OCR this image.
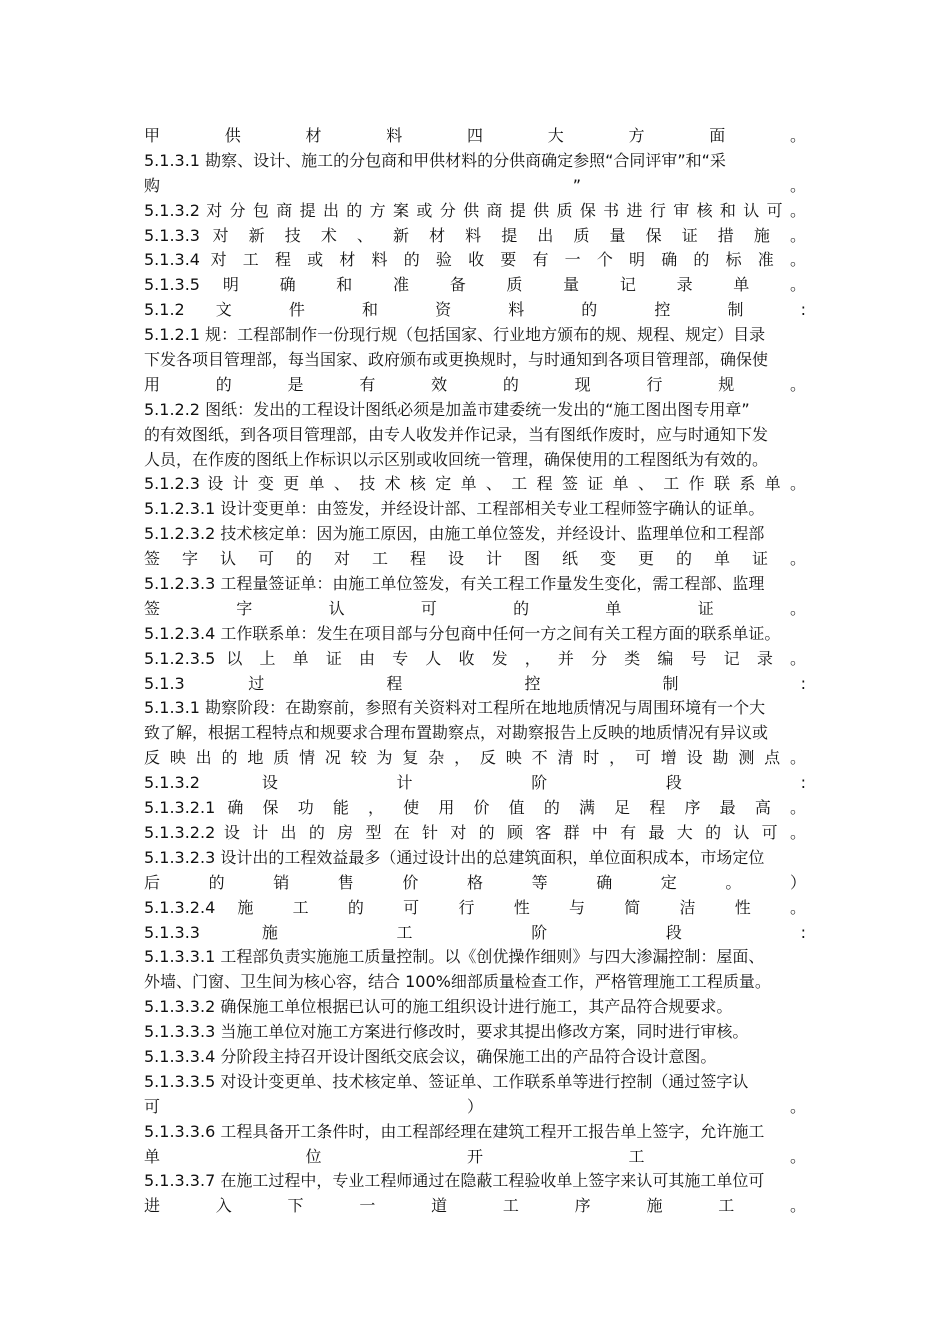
甲 供 材 料 四 大 方 面 。
5.1.3.1 勘察、设计、施工的分包商和甲供材料的分供商确定参照“合同评审”和“采
购 ” 。
5.1.3.2 对 分 包 商 提 出 的 方 案 或 分 供 商 提 供 质 保 书 进 行 审 核 和 认 可 。
5.1.3.3 对 新 技 术 、 新 材 料 提 出 质 量 保 证 措 施 。
5.1.3.4 对 工 程 或 材 料 的 验 收 要 有 一 个 明 确 的 标 准 。
5.1.3.5 明 确 和 准 备 质 量 记 录 单 。
5.1.2 文 件 和 资 料 的 控 制 :
5.1.2.1 规：工程部制作一份现行规（包括国家、行业地方颁布的规、规程、规定）目录
下发各项目管理部，每当国家、政府颁布或更换规时，与时通知到各项目管理部，确保使
用 的 是 有 效 的 现 行 规 。
5.1.2.2 图纸：发出的工程设计图纸必须是加盖市建委统一发出的“施工图出图专用章”
的有效图纸，到各项目管理部，由专人收发并作记录，当有图纸作废时，应与时通知下发
人员，在作废的图纸上作标识以示区别或收回统一管理，确保使用的工程图纸为有效的。
5.1.2.3 设 计 变 更 单 、 技 术 核 定 单 、 工 程 签 证 单 、 工 作 联 系 单 。
5.1.2.3.1 设计变更单：由签发，并经设计部、工程部相关专业工程师签字确认的证单。
5.1.2.3.2 技术核定单：因为施工原因，由施工单位签发，并经设计、监理单位和工程部
签 字 认 可 的 对 工 程 设 计 图 纸 变 更 的 单 证 。
5.1.2.3.3 工程量签证单：由施工单位签发，有关工程工作量发生变化，需工程部、监理
签 字 认 可 的 单 证 。
5.1.2.3.4 工作联系单：发生在项目部与分包商中任何一方之间有关工程方面的联系单证。
5.1.2.3.5 以 上 单 证 由 专 人 收 发 ， 并 分 类 编 号 记 录 。
5.1.3 过 程 控 制 :
5.1.3.1 勘察阶段：在勘察前，参照有关资料对工程所在地地质情况与周围环境有一个大
致了解，根据工程特点和规要求合理布置勘察点，对勘察报告上反映的地质情况有异议或
反 映 出 的 地 质 情 况 较 为 复 杂 ， 反 映 不 清 时 ， 可 增 设 勘 测 点 。
5.1.3.2 设 计 阶 段 :
5.1.3.2.1 确 保 功 能 ， 使 用 价 值 的 满 足 程 序 最 高 。
5.1.3.2.2 设 计 出 的 房 型 在 针 对 的 顾 客 群 中 有 最 大 的 认 可 。
5.1.3.2.3 设计出的工程效益最多（通过设计出的总建筑面积，单位面积成本，市场定位
后 的 销 售 价 格 等 确 定 。 ）
5.1.3.2.4 施 工 的 可 行 性 与 简 洁 性 。
5.1.3.3 施 工 阶 段 :
5.1.3.3.1 工程部负责实施施工质量控制。以《创优操作细则》与四大渗漏控制：屋面、
外墙、门窗、卫生间为核心容，结合 100%细部质量检查工作，严格管理施工工程质量。
5.1.3.3.2 确保施工单位根据已认可的施工组织设计进行施工，其产品符合规要求。
5.1.3.3.3 当施工单位对施工方案进行修改时，要求其提出修改方案，同时进行审核。
5.1.3.3.4 分阶段主持召开设计图纸交底会议，确保施工出的产品符合设计意图。
5.1.3.3.5 对设计变更单、技术核定单、签证单、工作联系单等进行控制（通过签字认
可 ） 。
5.1.3.3.6 工程具备开工条件时，由工程部经理在建筑工程开工报告单上签字，允许施工
单 位 开 工 。
5.1.3.3.7 在施工过程中，专业工程师通过在隐蔽工程验收单上签字来认可其施工单位可
进 入 下 一 道 工 序 施 工 。
